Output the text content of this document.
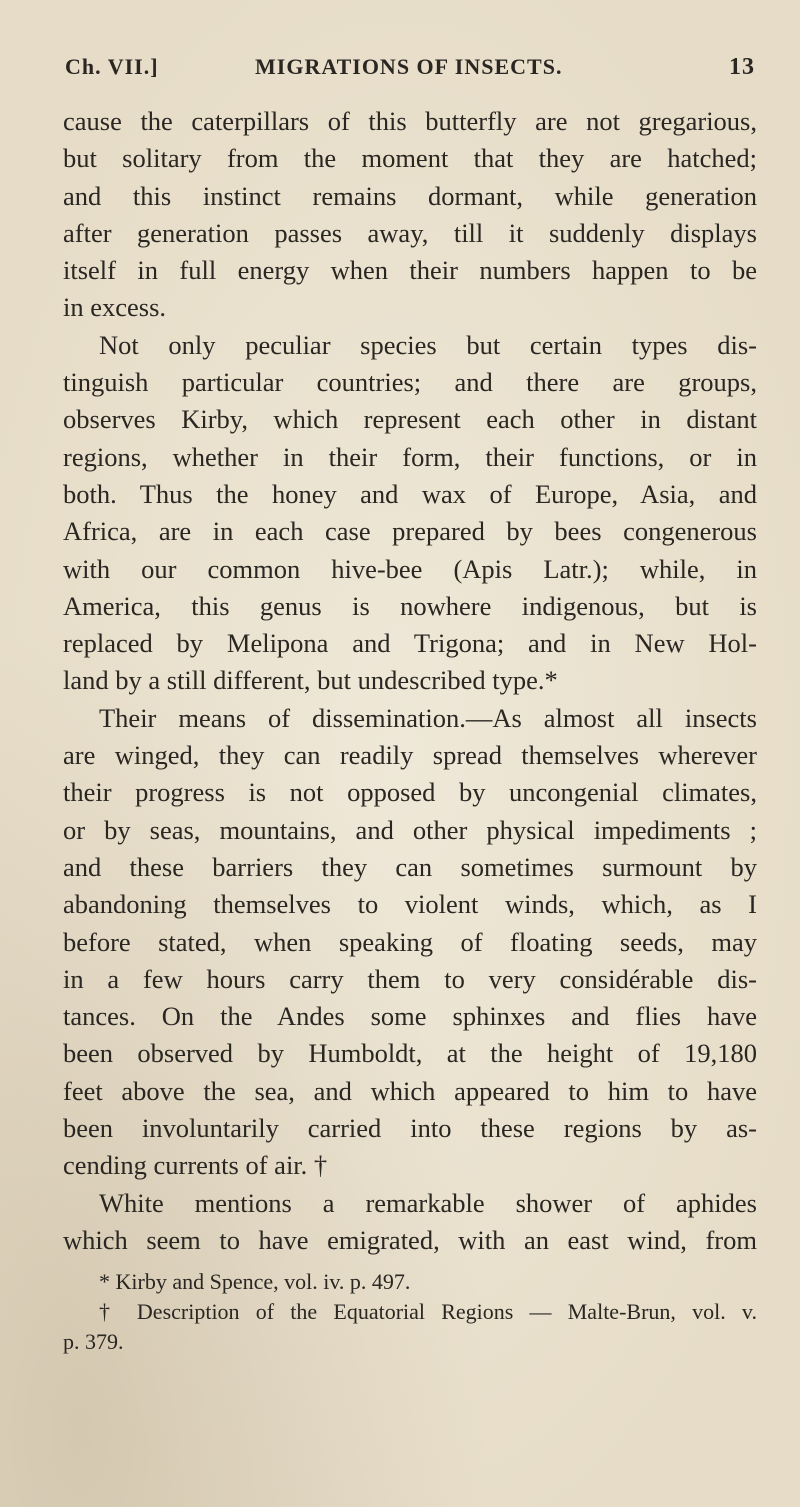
Ch. VII.]	MIGRATIONS OF INSECTS.	13
cause the caterpillars of this butterfly are not gregarious,
but solitary from the moment that they are hatched;
and this instinct remains dormant, while generation
after generation passes away, till it suddenly displays
itself in full energy when their numbers happen to be
in excess.
Not only peculiar species but certain types dis-
tinguish particular countries; and there are groups,
observes Kirby, which represent each other in distant
regions, whether in their form, their functions, or in
both. Thus the honey and wax of Europe, Asia, and
Africa, are in each case prepared by bees congenerous
with our common hive-bee (Apis Latr.); while, in
America, this genus is nowhere indigenous, but is
replaced by Melipona and Trigona; and in New Hol-
land by a still different, but undescribed type.*
Their means of dissemination.—As almost all insects
are winged, they can readily spread themselves wherever
their progress is not opposed by uncongenial climates,
or by seas, mountains, and other physical impediments ;
and these barriers they can sometimes surmount by
abandoning themselves to violent winds, which, as I
before stated, when speaking of floating seeds, may
in a few hours carry them to very considérable dis-
tances. On the Andes some sphinxes and flies have
been observed by Humboldt, at the height of 19,180
feet above the sea, and which appeared to him to have
been involuntarily carried into these regions by as-
cending currents of air. †
White mentions a remarkable shower of aphides
which seem to have emigrated, with an east wind, from
* Kirby and Spence, vol. iv. p. 497.
† Description of the Equatorial Regions — Malte-Brun, vol. v.
p. 379.
